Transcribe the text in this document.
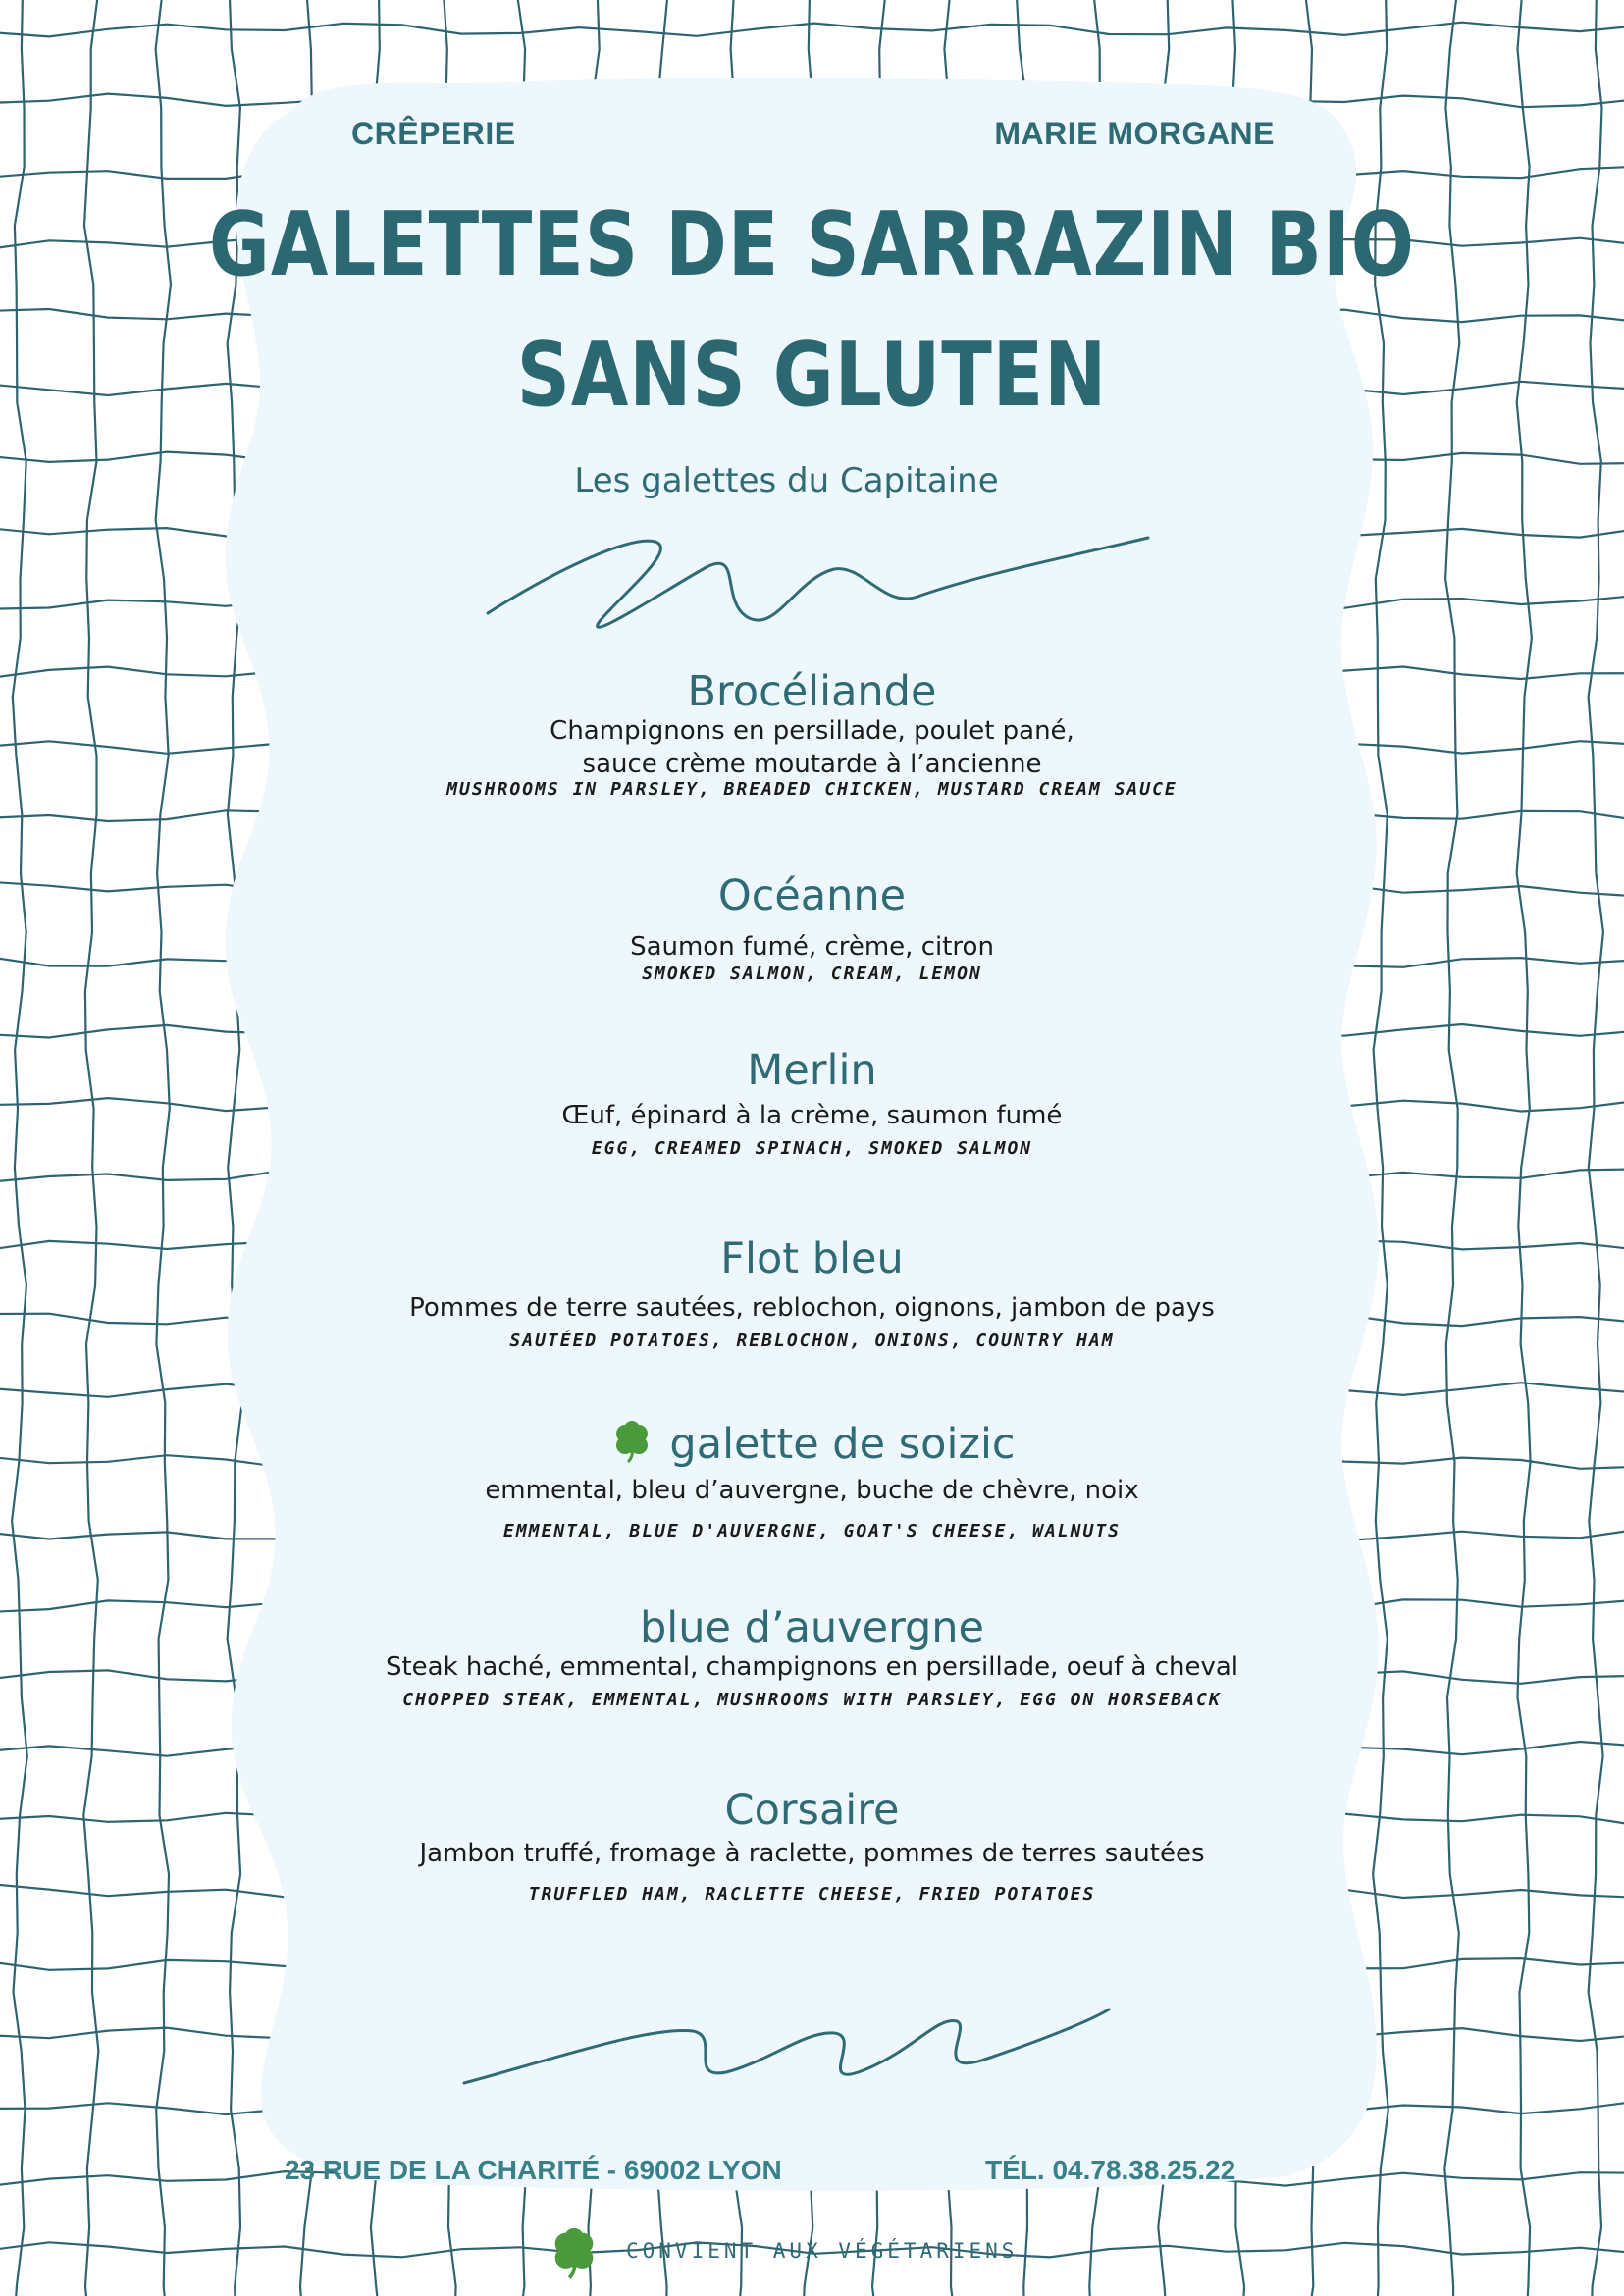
CRÊPERIE	MARIE MORGANE
GALETTES DE SARRAZIN BIO
SANS GLUTEN
Les galettes du Capitaine
Brocéliande
Champignons en persillade, poulet pané,
sauce crème moutarde à l’ancienne
MUSHROOMS IN PARSLEY, BREADED CHICKEN, MUSTARD CREAM SAUCE
Océanne
Saumon fumé, crème, citron
SMOKED SALMON, CREAM, LEMON
Merlin
Œuf, épinard à la crème, saumon fumé
EGG, CREAMED SPINACH, SMOKED SALMON
Flot bleu
Pommes de terre sautées, reblochon, oignons, jambon de pays
SAUTÉED POTATOES, REBLOCHON, ONIONS, COUNTRY HAM
galette de soizic
emmental, bleu d’auvergne, buche de chèvre, noix
EMMENTAL, BLUE D'AUVERGNE, GOAT'S CHEESE, WALNUTS
blue d’auvergne
Steak haché, emmental, champignons en persillade, oeuf à cheval
CHOPPED STEAK, EMMENTAL, MUSHROOMS WITH PARSLEY, EGG ON HORSEBACK
Corsaire
Jambon truffé, fromage à raclette, pommes de terres sautées
TRUFFLED HAM, RACLETTE CHEESE, FRIED POTATOES
23 RUE DE LA CHARITÉ - 69002 LYON	TÉL. 04.78.38.25.22
CONVIENT AUX VÉGÉTARIENS
